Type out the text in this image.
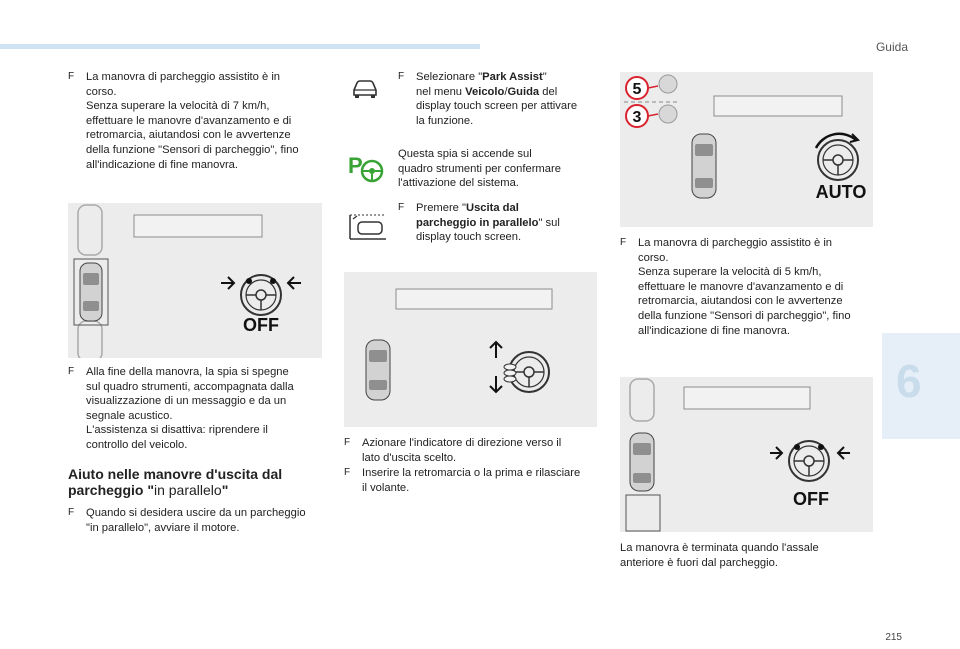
Guida
6
215
F La manovra di parcheggio assistito è in
corso.
Senza superare la velocità di 7 km/h,
effettuare le manovre d'avanzamento e di
retromarcia, aiutandosi con le avvertenze
della funzione "Sensori di parcheggio", fino
all'indicazione di fine manovra.
OFF
F Alla fine della manovra, la spia si spegne
sul quadro strumenti, accompagnata dalla
visualizzazione di un messaggio e da un
segnale acustico.
L'assistenza si disattiva: riprendere il
controllo del veicolo.
Aiuto nelle manovre d'uscita dal
parcheggio "in parallelo"
F Quando si desidera uscire da un parcheggio
"in parallelo", avviare il motore.
F Selezionare "Park Assist"
nel menu Veicolo/Guida del
display touch screen per attivare
la funzione.
P	Questa spia si accende sul
quadro strumenti per confermare
l'attivazione del sistema.
F Premere "Uscita dal
parcheggio in parallelo" sul
display touch screen.
F Azionare l'indicatore di direzione verso il
lato d'uscita scelto.
F Inserire la retromarcia o la prima e rilasciare
il volante.
5
3
AUTO
F La manovra di parcheggio assistito è in
corso.
Senza superare la velocità di 5 km/h,
effettuare le manovre d'avanzamento e di
retromarcia, aiutandosi con le avvertenze
della funzione "Sensori di parcheggio", fino
all'indicazione di fine manovra.
OFF
La manovra è terminata quando l'assale
anteriore è fuori dal parcheggio.
